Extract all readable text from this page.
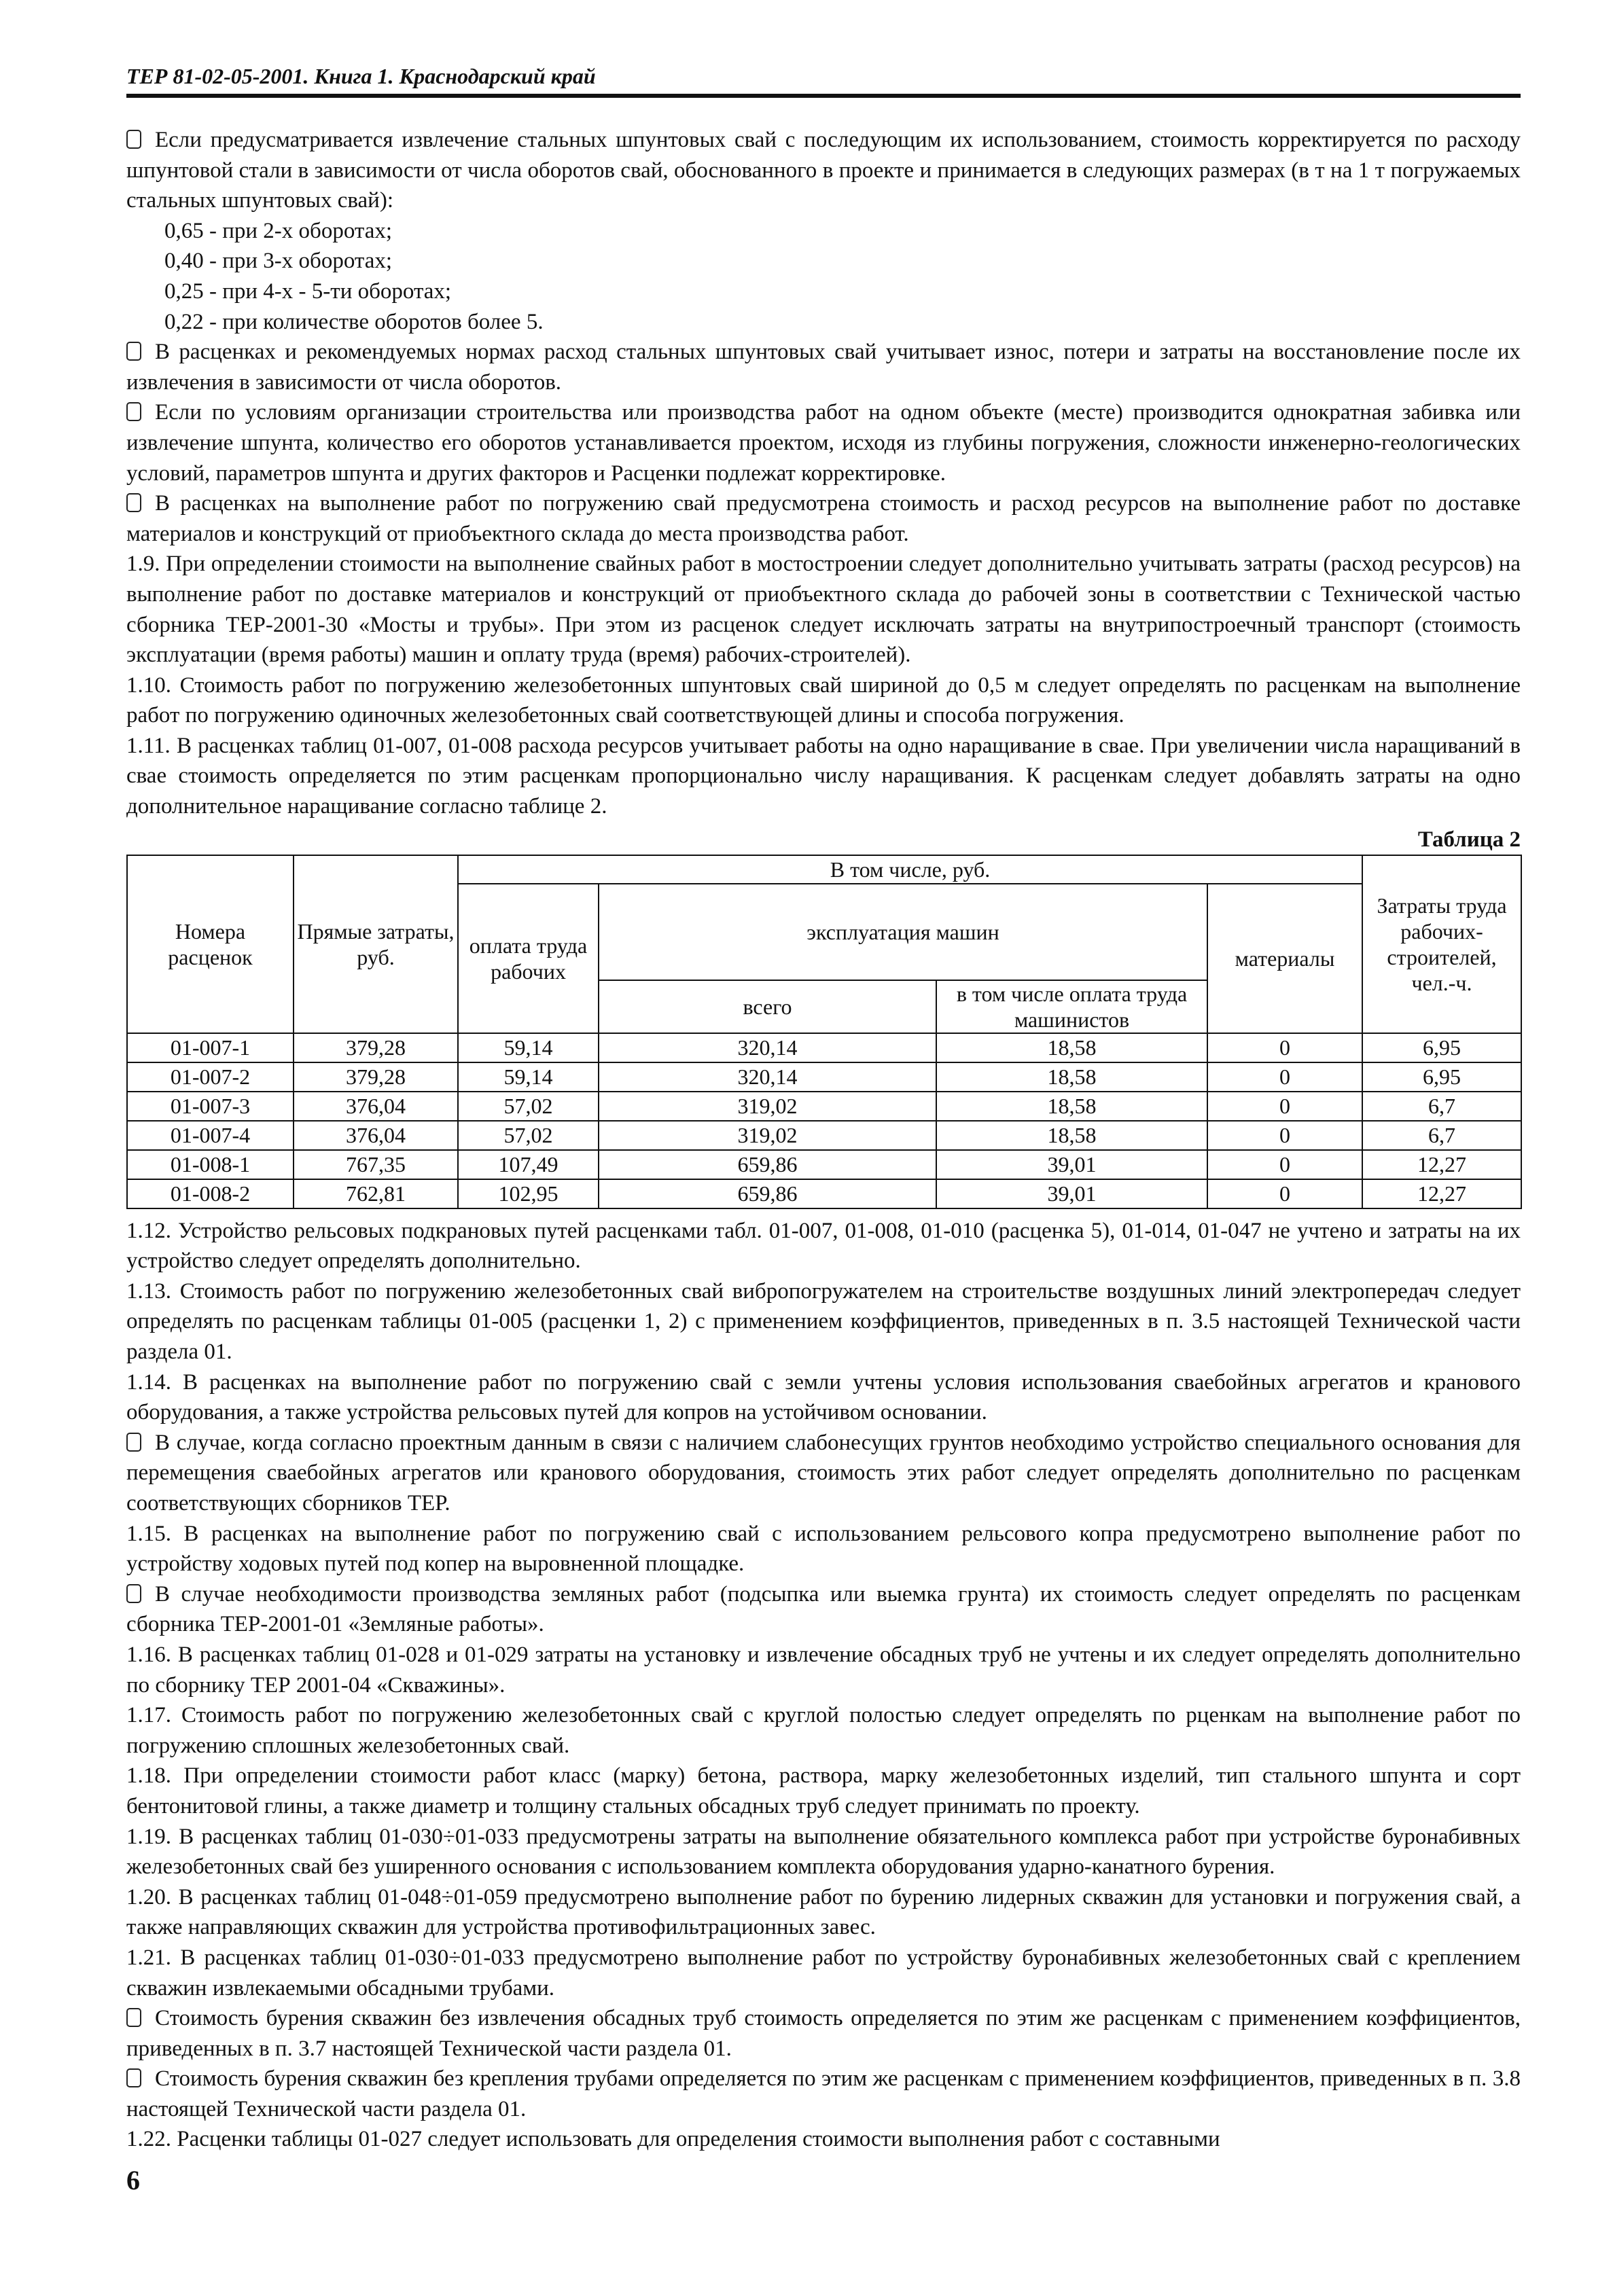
ТЕР 81-02-05-2001. Книга 1. Краснодарский край

Если предусматривается извлечение стальных шпунтовых свай с последующим их использованием, стоимость корректируется по расходу шпунтовой стали в зависимости от числа оборотов свай, обоснованного в проекте и принимается в следующих размерах (в т на 1 т погружаемых стальных шпунтовых свай):

0,65 - при 2-х оборотах;

0,40 - при 3-х оборотах;

0,25 - при 4-х - 5-ти оборотах;

0,22 - при количестве оборотов более 5.

В расценках и рекомендуемых нормах расход стальных шпунтовых свай учитывает износ, потери и затраты на восстановление после их извлечения в зависимости от числа оборотов.

Если по условиям организации строительства или производства работ на одном объекте (месте) производится однократная забивка или извлечение шпунта, количество его оборотов устанавливается проектом, исходя из глубины погружения, сложности инженерно-геологических условий, параметров шпунта и других факторов и Расценки подлежат корректировке.

В расценках на выполнение работ по погружению свай предусмотрена стоимость и расход ресурсов на выполнение работ по доставке материалов и конструкций от приобъектного склада до места производства работ.

1.9. При определении стоимости на выполнение свайных работ в мостостроении следует дополнительно учитывать затраты (расход ресурсов) на выполнение работ по доставке материалов и конструкций от приобъектного склада до рабочей зоны в соответствии с Технической частью сборника ТЕР-2001-30 «Мосты и трубы». При этом из расценок следует исключать затраты на внутрипостроечный транспорт (стоимость эксплуатации (время работы) машин и оплату труда (время) рабочих-строителей).

1.10. Стоимость работ по погружению железобетонных шпунтовых свай шириной до 0,5 м следует определять по расценкам на выполнение работ по погружению одиночных железобетонных свай соответствующей длины и способа погружения.

1.11. В расценках таблиц 01-007, 01-008 расхода ресурсов учитывает работы на одно наращивание в свае. При увеличении числа наращиваний в свае стоимость определяется по этим расценкам пропорционально числу наращивания. К расценкам следует добавлять затраты на одно дополнительное наращивание согласно таблице 2.

Таблица 2
Номера расценок	Прямые затраты, руб.	В том числе, руб.				Затраты труда рабочих-строителей, чел.-ч.
		оплата труда рабочих	эксплуатация машин		материалы	
			всего	в том числе оплата труда машинистов		
01-007-1	379,28	59,14	320,14	18,58	0	6,95
01-007-2	379,28	59,14	320,14	18,58	0	6,95
01-007-3	376,04	57,02	319,02	18,58	0	6,7
01-007-4	376,04	57,02	319,02	18,58	0	6,7
01-008-1	767,35	107,49	659,86	39,01	0	12,27
01-008-2	762,81	102,95	659,86	39,01	0	12,27

1.12. Устройство рельсовых подкрановых путей расценками табл. 01-007, 01-008, 01-010 (расценка 5), 01-014, 01-047 не учтено и затраты на их устройство следует определять дополнительно.

1.13. Стоимость работ по погружению железобетонных свай вибропогружателем на строительстве воздушных линий электропередач следует определять по расценкам таблицы 01-005 (расценки 1, 2) с применением коэффициентов, приведенных в п. 3.5 настоящей Технической части раздела 01.

1.14. В расценках на выполнение работ по погружению свай с земли учтены условия использования сваебойных агрегатов и кранового оборудования, а также устройства рельсовых путей для копров на устойчивом основании.

В случае, когда согласно проектным данным в связи с наличием слабонесущих грунтов необходимо устройство специального основания для перемещения сваебойных агрегатов или кранового оборудования, стоимость этих работ следует определять дополнительно по расценкам соответствующих сборников ТЕР.

1.15. В расценках на выполнение работ по погружению свай с использованием рельсового копра предусмотрено выполнение работ по устройству ходовых путей под копер на выровненной площадке.

В случае необходимости производства земляных работ (подсыпка или выемка грунта) их стоимость следует определять по расценкам сборника ТЕР-2001-01 «Земляные работы».

1.16. В расценках таблиц 01-028 и 01-029 затраты на установку и извлечение обсадных труб не учтены и их следует определять дополнительно по сборнику ТЕР 2001-04 «Скважины».

1.17. Стоимость работ по погружению железобетонных свай с круглой полостью следует определять по рценкам на выполнение работ по погружению сплошных железобетонных свай.

1.18. При определении стоимости работ класс (марку) бетона, раствора, марку железобетонных изделий, тип стального шпунта и сорт бентонитовой глины, а также диаметр и толщину стальных обсадных труб следует принимать по проекту.

1.19. В расценках таблиц 01-030÷01-033 предусмотрены затраты на выполнение обязательного комплекса работ при устройстве буронабивных железобетонных свай без уширенного основания с использованием комплекта оборудования ударно-канатного бурения.

1.20. В расценках таблиц 01-048÷01-059 предусмотрено выполнение работ по бурению лидерных скважин для установки и погружения свай, а также направляющих скважин для устройства противофильтрационных завес.

1.21. В расценках таблиц 01-030÷01-033 предусмотрено выполнение работ по устройству буронабивных железобетонных свай с креплением скважин извлекаемыми обсадными трубами.

Стоимость бурения скважин без извлечения обсадных труб стоимость определяется по этим же расценкам с применением коэффициентов, приведенных в п. 3.7 настоящей Технической части раздела 01.

Стоимость бурения скважин без крепления трубами определяется по этим же расценкам с применением коэффициентов, приведенных в п. 3.8 настоящей Технической части раздела 01.

1.22. Расценки таблицы 01-027 следует использовать для определения стоимости выполнения работ с составными

6
